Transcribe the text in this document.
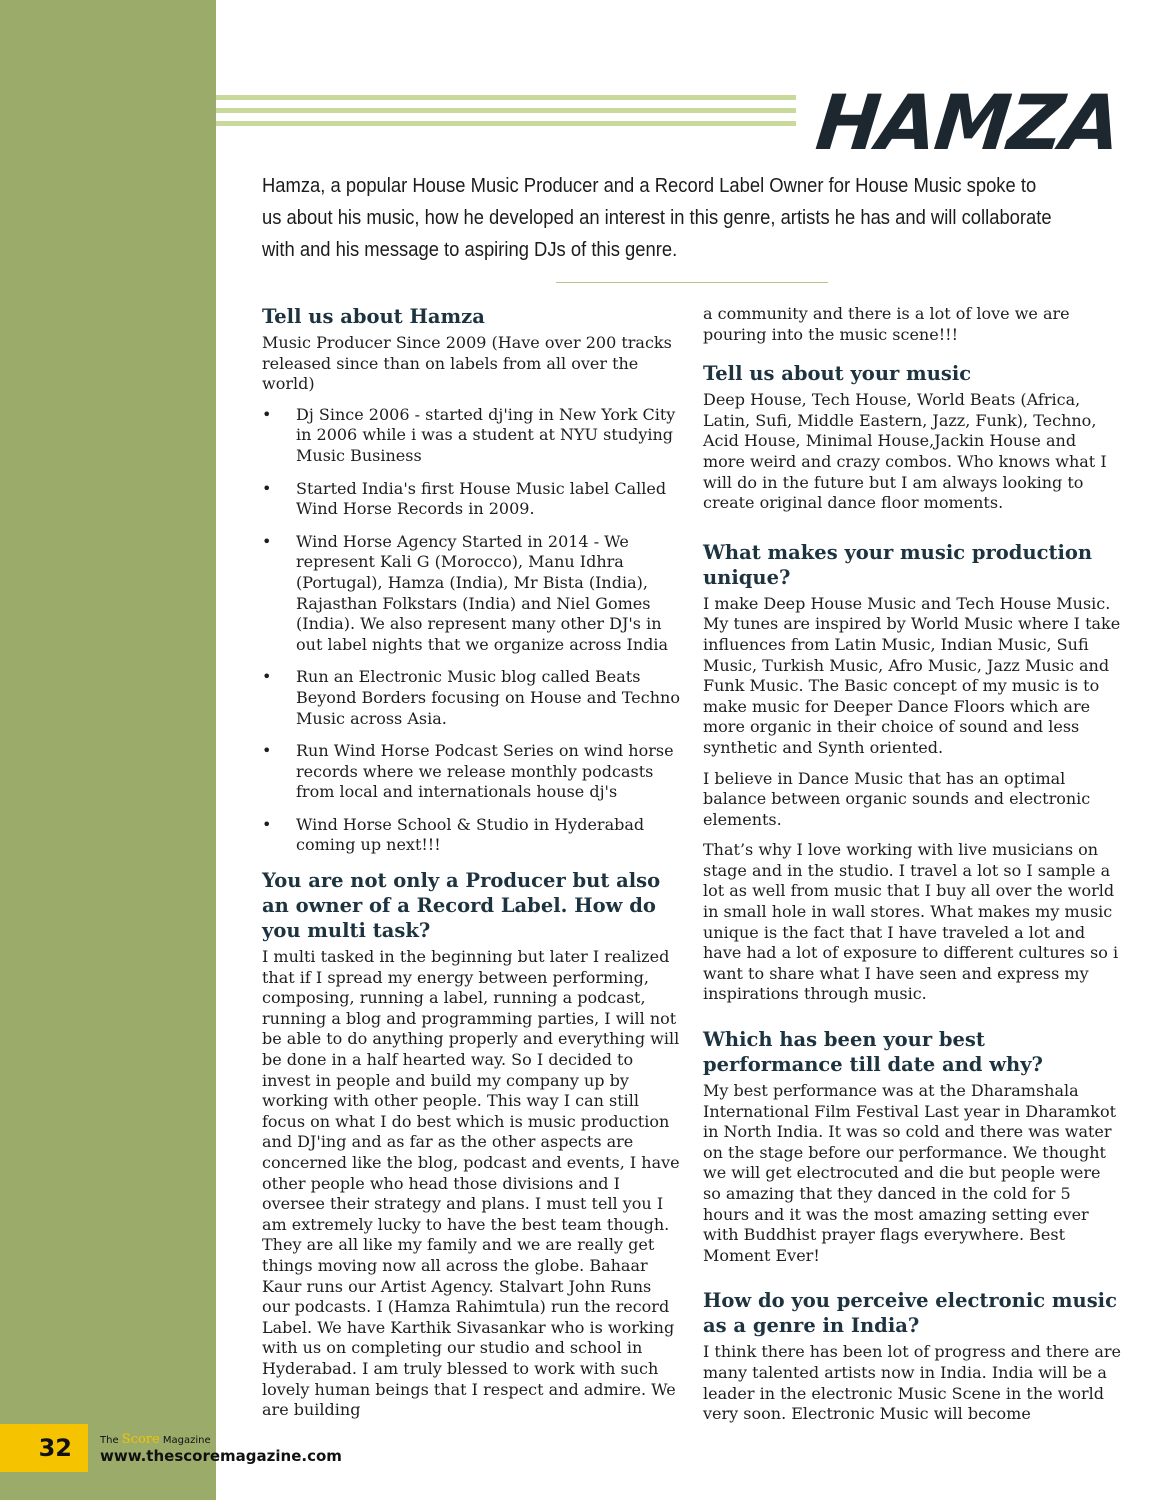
HAMZA
Hamza, a popular House Music Producer and a Record Label Owner for House Music spoke to us about his music, how he developed an interest in this genre, artists he has and will collaborate with and his message to aspiring DJs of this genre.
Tell us about Hamza

Music Producer Since 2009 (Have over 200 tracks released since than on labels from all over the world)

• Dj Since 2006 - started dj'ing in New York City in 2006 while i was a student at NYU studying Music Business
• Started India's first House Music label Called Wind Horse Records in 2009.
• Wind Horse Agency Started in 2014 - We represent Kali G (Morocco), Manu Idhra (Portugal), Hamza (India), Mr Bista (India), Rajasthan Folkstars (India) and Niel Gomes (India). We also represent many other DJ's in out label nights that we organize across India
• Run an Electronic Music blog called Beats Beyond Borders focusing on House and Techno Music across Asia.
• Run Wind Horse Podcast Series on wind horse records where we release monthly podcasts from local and internationals house dj's
• Wind Horse School & Studio in Hyderabad coming up next!!!
You are not only a Producer but also an owner of a Record Label. How do you multi task?

I multi tasked in the beginning but later I realized that if I spread my energy between performing, composing, running a label, running a podcast, running a blog and programming parties, I will not be able to do anything properly and everything will be done in a half hearted way. So I decided to invest in people and build my company up by working with other people. This way I can still focus on what I do best which is music production and DJ'ing and as far as the other aspects are concerned like the blog, podcast and events, I have other people who head those divisions and I oversee their strategy and plans. I must tell you I am extremely lucky to have the best team though. They are all like my family and we are really get things moving now all across the globe. Bahaar Kaur runs our Artist Agency. Stalvart John Runs our podcasts. I (Hamza Rahimtula) run the record Label. We have Karthik Sivasankar who is working with us on completing our studio and school in Hyderabad. I am truly blessed to work with such lovely human beings that I respect and admire. We are building

a community and there is a lot of love we are pouring into the music scene!!!

Tell us about your music

Deep House, Tech House, World Beats (Africa, Latin, Sufi, Middle Eastern, Jazz, Funk), Techno, Acid House, Minimal House,Jackin House and more weird and crazy combos. Who knows what I will do in the future but I am always looking to create original dance floor moments.

What makes your music production unique?

I make Deep House Music and Tech House Music. My tunes are inspired by World Music where I take influences from Latin Music, Indian Music, Sufi Music, Turkish Music, Afro Music, Jazz Music and Funk Music. The Basic concept of my music is to make music for Deeper Dance Floors which are more organic in their choice of sound and less synthetic and Synth oriented.

I believe in Dance Music that has an optimal balance between organic sounds and electronic elements.

That’s why I love working with live musicians on stage and in the studio. I travel a lot so I sample a lot as well from music that I buy all over the world in small hole in wall stores. What makes my music unique is the fact that I have traveled a lot and have had a lot of exposure to different cultures so i want to share what I have seen and express my inspirations through music.

Which has been your best performance till date and why?

My best performance was at the Dharamshala International Film Festival Last year in Dharamkot in North India. It was so cold and there was water on the stage before our performance. We thought we will get electrocuted and die but people were so amazing that they danced in the cold for 5 hours and it was the most amazing setting ever with Buddhist prayer flags everywhere. Best Moment Ever!

How do you perceive electronic music as a genre in India?

I think there has been lot of progress and there are many talented artists now in India. India will be a leader in the electronic Music Scene in the world very soon. Electronic Music will become

32	The Score Magazine
www.thescoremagazine.com
